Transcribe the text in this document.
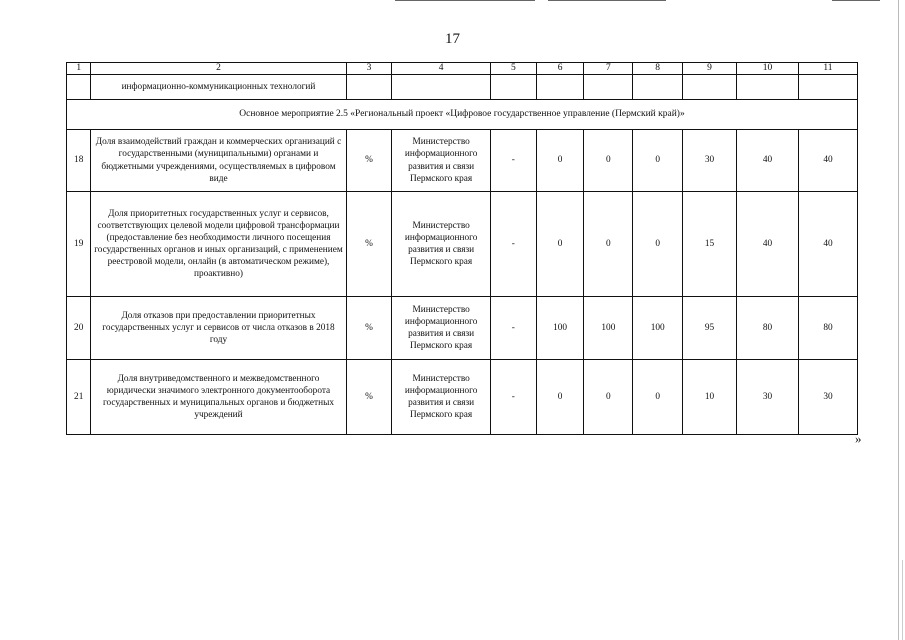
17
1	2	3	4	5	6	7	8	9	10	11
	информационно-коммуникационных технологий									
Основное мероприятие 2.5 «Региональный проект «Цифровое государственное управление (Пермский край)»										
18	Доля взаимодействий граждан и коммерческих организаций с государственными (муниципальными) органами и бюджетными учреждениями, осуществляемых в цифровом виде	%	Министерство информационного развития и связи Пермского края	-	0	0	0	30	40	40
19	Доля приоритетных государственных услуг и сервисов, соответствующих целевой модели цифровой трансформации (предоставление без необходимости личного посещения государственных органов и иных организаций, с применением реестровой модели, онлайн (в автоматическом режиме), проактивно)	%	Министерство информационного развития и связи Пермского края	-	0	0	0	15	40	40
20	Доля отказов при предоставлении приоритетных государственных услуг и сервисов от числа отказов в 2018 году	%	Министерство информационного развития и связи Пермского края	-	100	100	100	95	80	80
21	Доля внутриведомственного и межведомственного юридически значимого электронного документооборота государственных и муниципальных органов и бюджетных учреждений	%	Министерство информационного развития и связи Пермского края	-	0	0	0	10	30	30
»
